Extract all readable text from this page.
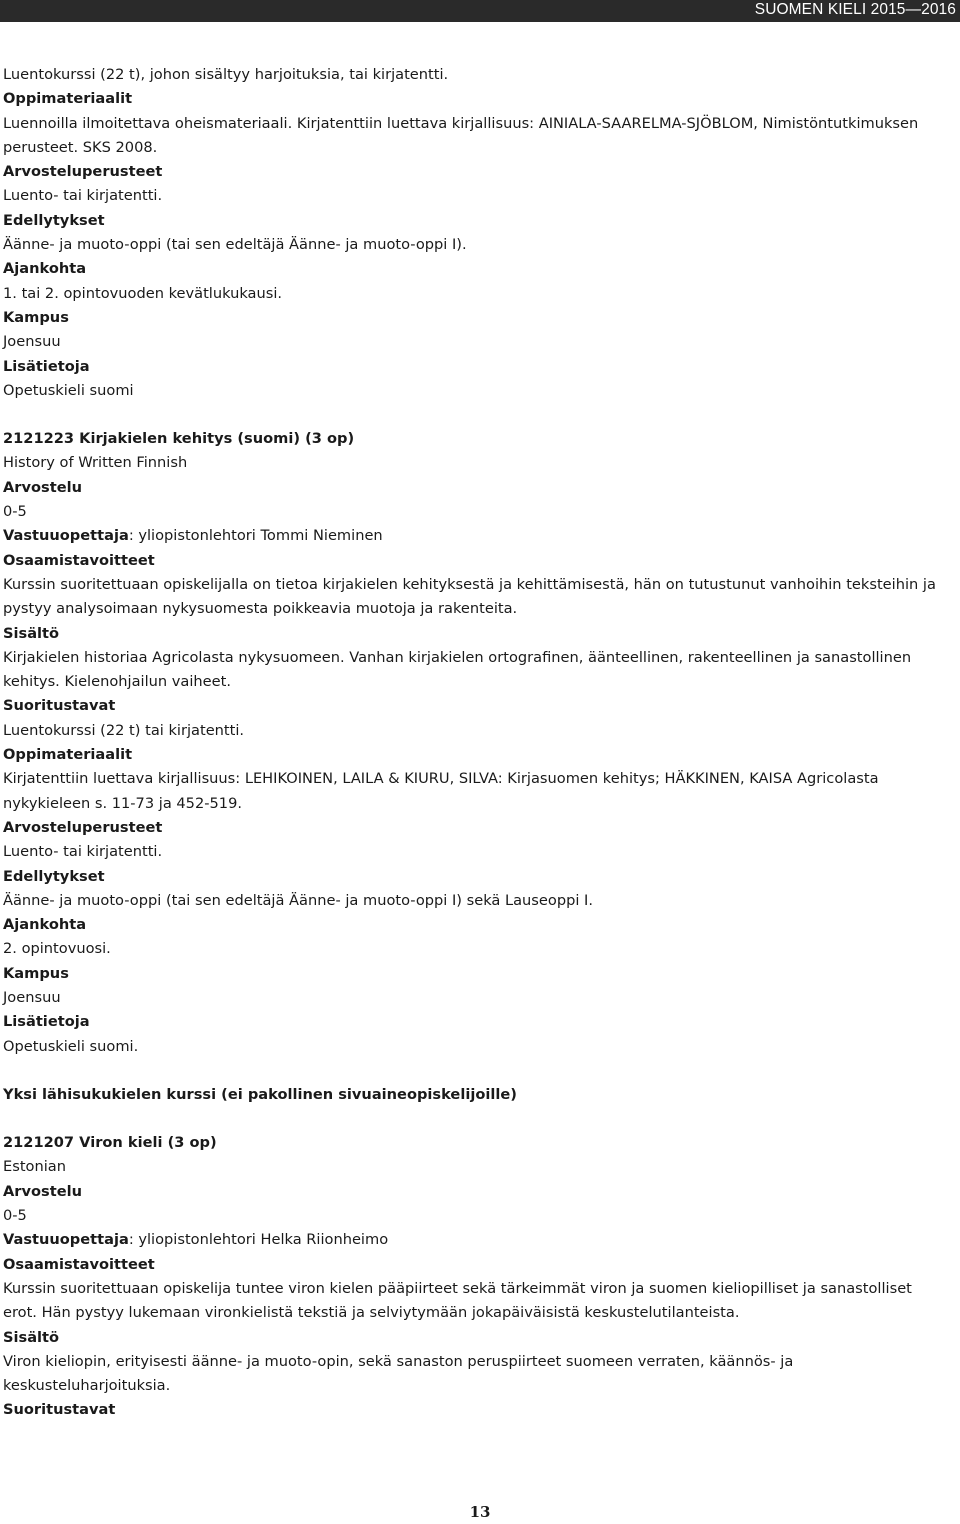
SUOMEN KIELI 2015—2016
Luentokurssi (22 t), johon sisältyy harjoituksia, tai kirjatentti.
Oppimateriaalit
Luennoilla ilmoitettava oheismateriaali. Kirjatenttiin luettava kirjallisuus: AINIALA-SAARELMA-SJÖBLOM, Nimistöntutkimuksen perusteet. SKS 2008.
Arvosteluperusteet
Luento- tai kirjatentti.
Edellytykset
Äänne- ja muoto-oppi (tai sen edeltäjä Äänne- ja muoto-oppi I).
Ajankohta
1. tai 2. opintovuoden kevätlukukausi.
Kampus
Joensuu
Lisätietoja
Opetuskieli suomi
2121223 Kirjakielen kehitys (suomi) (3 op)
History of Written Finnish
Arvostelu
0-5
Vastuuopettaja: yliopistonlehtori Tommi Nieminen
Osaamistavoitteet
Kurssin suoritettuaan opiskelijalla on tietoa kirjakielen kehityksestä ja kehittämisestä, hän on tutustunut vanhoihin teksteihin ja pystyy analysoimaan nykysuomesta poikkeavia muotoja ja rakenteita.
Sisältö
Kirjakielen historiaa Agricolasta nykysuomeen. Vanhan kirjakielen ortografinen, äänteellinen, rakenteellinen ja sanastollinen kehitys. Kielenohjailun vaiheet.
Suoritustavat
Luentokurssi (22 t) tai kirjatentti.
Oppimateriaalit
Kirjatenttiin luettava kirjallisuus: LEHIKOINEN, LAILA & KIURU, SILVA: Kirjasuomen kehitys; HÄKKINEN, KAISA Agricolasta nykykieleen s. 11-73 ja 452-519.
Arvosteluperusteet
Luento- tai kirjatentti.
Edellytykset
Äänne- ja muoto-oppi (tai sen edeltäjä Äänne- ja muoto-oppi I) sekä Lauseoppi I.
Ajankohta
2. opintovuosi.
Kampus
Joensuu
Lisätietoja
Opetuskieli suomi.
Yksi lähisukukielen kurssi (ei pakollinen sivuaineopiskelijoille)
2121207 Viron kieli (3 op)
Estonian
Arvostelu
0-5
Vastuuopettaja: yliopistonlehtori Helka Riionheimo
Osaamistavoitteet
Kurssin suoritettuaan opiskelija tuntee viron kielen pääpiirteet sekä tärkeimmät viron ja suomen kieliopilliset ja sanastolliset erot. Hän pystyy lukemaan vironkielistä tekstiä ja selviytymään jokapäiväisistä keskustelutilanteista.
Sisältö
Viron kieliopin, erityisesti äänne- ja muoto-opin, sekä sanaston peruspiirteet suomeen verraten, käännös- ja keskusteluharjoituksia.
Suoritustavat
13
